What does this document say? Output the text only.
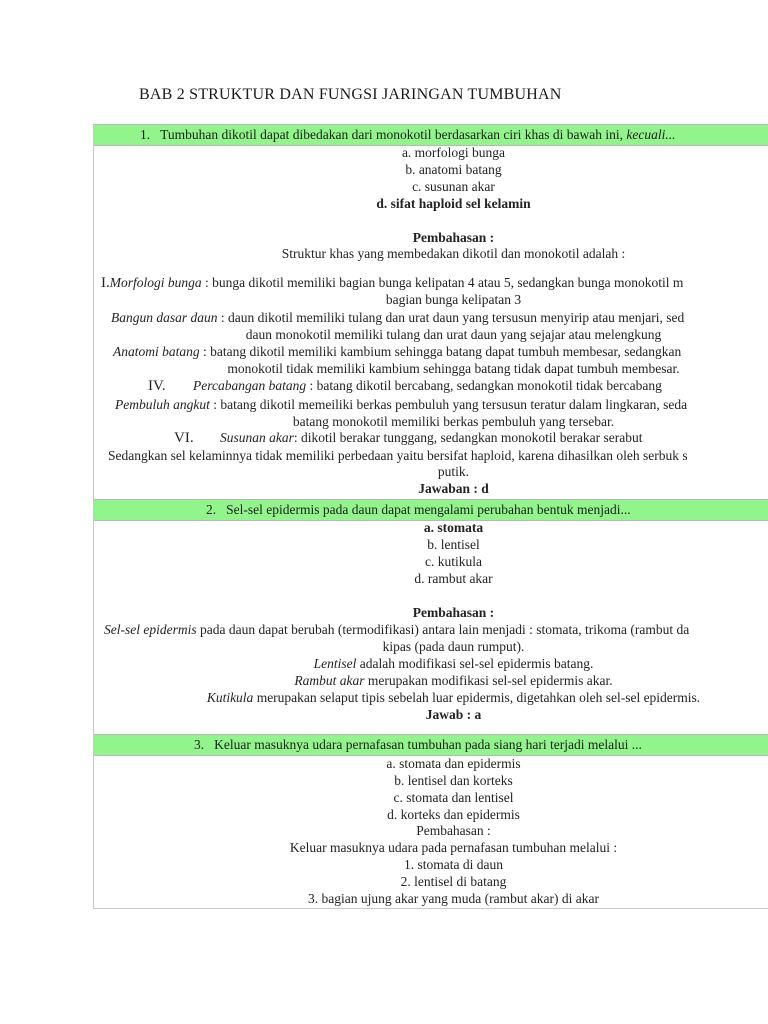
BAB 2 STRUKTUR DAN FUNGSI JARINGAN TUMBUHAN
1. Tumbuhan dikotil dapat dibedakan dari monokotil berdasarkan ciri khas di bawah ini, kecuali...
a. morfologi bunga
b. anatomi batang
c. susunan akar
d. sifat haploid sel kelamin
Pembahasan :
Struktur khas yang membedakan dikotil dan monokotil adalah :
I.Morfologi bunga : bunga dikotil memiliki bagian bunga kelipatan 4 atau 5, sedangkan bunga monokotil m
bagian bunga kelipatan 3
Bangun dasar daun : daun dikotil memiliki tulang dan urat daun yang tersusun menyirip atau menjari, sed
daun monokotil memiliki tulang dan urat daun yang sejajar atau melengkung
Anatomi batang : batang dikotil memiliki kambium sehingga batang dapat tumbuh membesar, sedangkan
monokotil tidak memiliki kambium sehingga batang tidak dapat tumbuh membesar.
IV. Percabangan batang : batang dikotil bercabang, sedangkan monokotil tidak bercabang
Pembuluh angkut : batang dikotil memeiliki berkas pembuluh yang tersusun teratur dalam lingkaran, seda
batang monokotil memiliki berkas pembuluh yang tersebar.
VI. Susunan akar: dikotil berakar tunggang, sedangkan monokotil berakar serabut
Sedangkan sel kelaminnya tidak memiliki perbedaan yaitu bersifat haploid, karena dihasilkan oleh serbuk s
putik.
Jawaban : d
2. Sel-sel epidermis pada daun dapat mengalami perubahan bentuk menjadi...
a. stomata
b. lentisel
c. kutikula
d. rambut akar
Pembahasan :
Sel-sel epidermis pada daun dapat berubah (termodifikasi) antara lain menjadi : stomata, trikoma (rambut da
kipas (pada daun rumput).
Lentisel adalah modifikasi sel-sel epidermis batang.
Rambut akar merupakan modifikasi sel-sel epidermis akar.
Kutikula merupakan selaput tipis sebelah luar epidermis, digetahkan oleh sel-sel epidermis.
Jawab : a
3. Keluar masuknya udara pernafasan tumbuhan pada siang hari terjadi melalui ...
a. stomata dan epidermis
b. lentisel dan korteks
c. stomata dan lentisel
d. korteks dan epidermis
Pembahasan :
Keluar masuknya udara pada pernafasan tumbuhan melalui :
1. stomata di daun
2. lentisel di batang
3. bagian ujung akar yang muda (rambut akar) di akar
